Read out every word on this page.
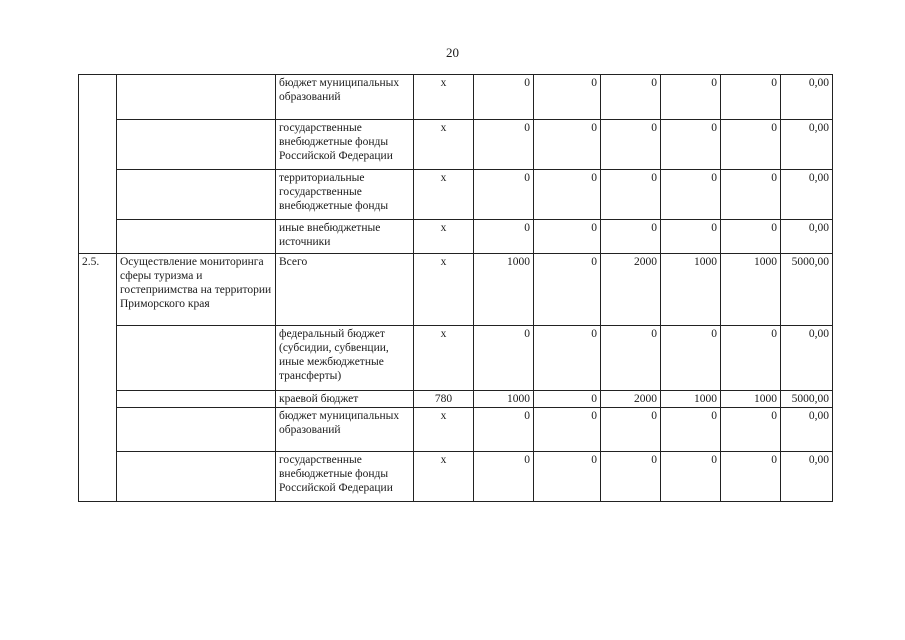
20
		бюджет муниципальных образований	х	0	0	0	0	0	0,00
		государственные внебюджетные фонды Российской Федерации	х	0	0	0	0	0	0,00
		территориальные государственные внебюджетные фонды	х	0	0	0	0	0	0,00
		иные внебюджетные источники	х	0	0	0	0	0	0,00
2.5.	Осуществление мониторинга сферы туризма и гостеприимства на территории Приморского края	Всего	х	1000	0	2000	1000	1000	5000,00
		федеральный бюджет (субсидии, субвенции, иные межбюджетные трансферты)	х	0	0	0	0	0	0,00
		краевой бюджет	780	1000	0	2000	1000	1000	5000,00
		бюджет муниципальных образований	х	0	0	0	0	0	0,00
		государственные внебюджетные фонды Российской Федерации	х	0	0	0	0	0	0,00
